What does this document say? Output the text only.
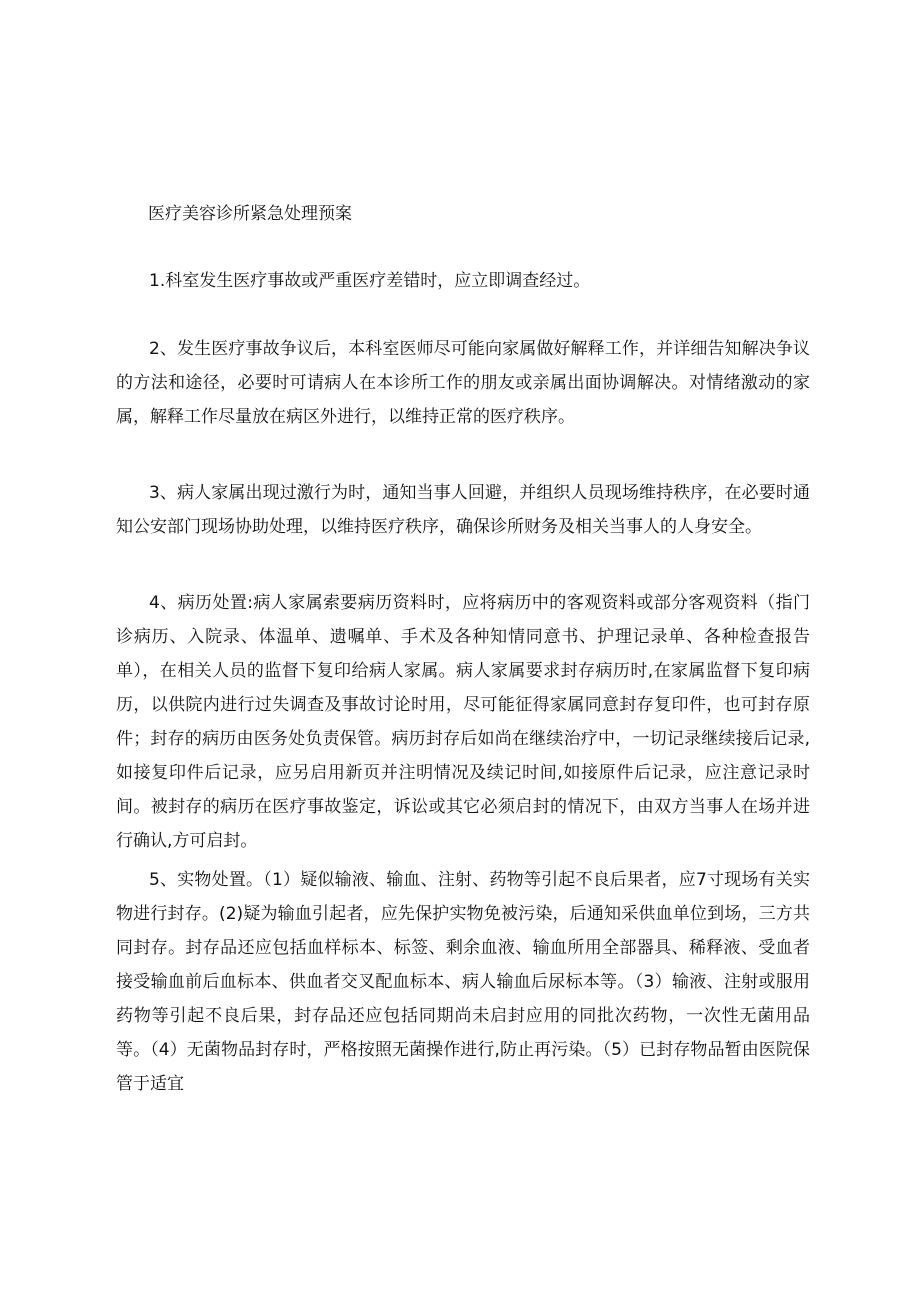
医疗美容诊所紧急处理预案

1.科室发生医疗事故或严重医疗差错时，应立即调查经过。

2、发生医疗事故争议后，本科室医师尽可能向家属做好解释工作，并详细告知解决争议的方法和途径，必要时可请病人在本诊所工作的朋友或亲属出面协调解决。对情绪激动的家属，解释工作尽量放在病区外进行，以维持正常的医疗秩序。

3、病人家属出现过激行为时，通知当事人回避，并组织人员现场维持秩序，在必要时通知公安部门现场协助处理，以维持医疗秩序，确保诊所财务及相关当事人的人身安全。

4、病历处置:病人家属索要病历资料时，应将病历中的客观资料或部分客观资料（指门诊病历、入院录、体温单、遗嘱单、手术及各种知情同意书、护理记录单、各种检查报告单），在相关人员的监督下复印给病人家属。病人家属要求封存病历时,在家属监督下复印病历，以供院内进行过失调查及事故讨论时用，尽可能征得家属同意封存复印件，也可封存原件；封存的病历由医务处负责保管。病历封存后如尚在继续治疗中，一切记录继续接后记录,如接复印件后记录，应另启用新页并注明情况及续记时间,如接原件后记录，应注意记录时间。被封存的病历在医疗事故鉴定，诉讼或其它必须启封的情况下，由双方当事人在场并进行确认,方可启封。

5、实物处置。（1）疑似输液、输血、注射、药物等引起不良后果者，应7寸现场有关实物进行封存。(2)疑为输血引起者，应先保护实物免被污染，后通知采供血单位到场，三方共同封存。封存品还应包括血样标本、标签、剩余血液、输血所用全部器具、稀释液、受血者接受输血前后血标本、供血者交叉配血标本、病人输血后尿标本等。（3）输液、注射或服用药物等引起不良后果，封存品还应包括同期尚未启封应用的同批次药物，一次性无菌用品等。（4）无菌物品封存时，严格按照无菌操作进行,防止再污染。（5）已封存物品暂由医院保管于适宜
